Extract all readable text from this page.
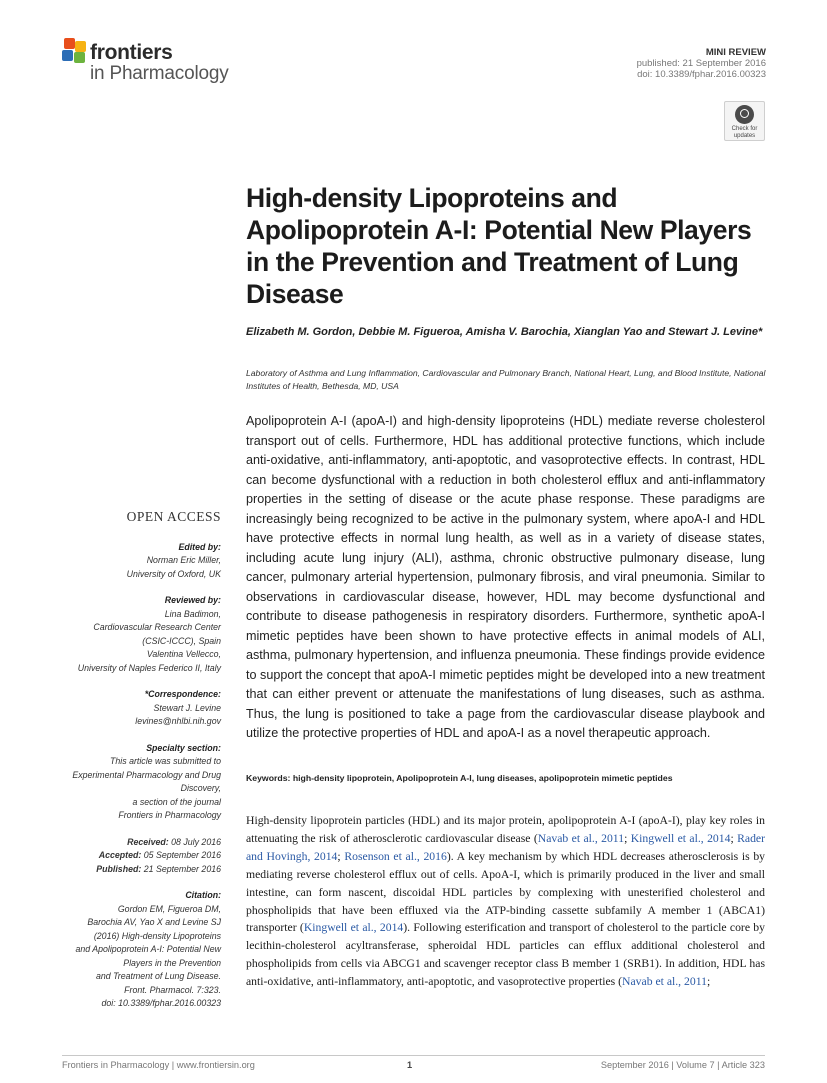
frontiers
in Pharmacology
MINI REVIEW
published: 21 September 2016
doi: 10.3389/fphar.2016.00323
Check for updates
High-density Lipoproteins and Apolipoprotein A-I: Potential New Players in the Prevention and Treatment of Lung Disease
Elizabeth M. Gordon, Debbie M. Figueroa, Amisha V. Barochia, Xianglan Yao and Stewart J. Levine*
Laboratory of Asthma and Lung Inflammation, Cardiovascular and Pulmonary Branch, National Heart, Lung, and Blood Institute, National Institutes of Health, Bethesda, MD, USA
Apolipoprotein A-I (apoA-I) and high-density lipoproteins (HDL) mediate reverse cholesterol transport out of cells. Furthermore, HDL has additional protective functions, which include anti-oxidative, anti-inflammatory, anti-apoptotic, and vasoprotective effects. In contrast, HDL can become dysfunctional with a reduction in both cholesterol efflux and anti-inflammatory properties in the setting of disease or the acute phase response. These paradigms are increasingly being recognized to be active in the pulmonary system, where apoA-I and HDL have protective effects in normal lung health, as well as in a variety of disease states, including acute lung injury (ALI), asthma, chronic obstructive pulmonary disease, lung cancer, pulmonary arterial hypertension, pulmonary fibrosis, and viral pneumonia. Similar to observations in cardiovascular disease, however, HDL may become dysfunctional and contribute to disease pathogenesis in respiratory disorders. Furthermore, synthetic apoA-I mimetic peptides have been shown to have protective effects in animal models of ALI, asthma, pulmonary hypertension, and influenza pneumonia. These findings provide evidence to support the concept that apoA-I mimetic peptides might be developed into a new treatment that can either prevent or attenuate the manifestations of lung diseases, such as asthma. Thus, the lung is positioned to take a page from the cardiovascular disease playbook and utilize the protective properties of HDL and apoA-I as a novel therapeutic approach.
Keywords: high-density lipoprotein, Apolipoprotein A-I, lung diseases, apolipoprotein mimetic peptides
High-density lipoprotein particles (HDL) and its major protein, apolipoprotein A-I (apoA-I), play key roles in attenuating the risk of atherosclerotic cardiovascular disease (Navab et al., 2011; Kingwell et al., 2014; Rader and Hovingh, 2014; Rosenson et al., 2016). A key mechanism by which HDL decreases atherosclerosis is by mediating reverse cholesterol efflux out of cells. ApoA-I, which is primarily produced in the liver and small intestine, can form nascent, discoidal HDL particles by complexing with unesterified cholesterol and phospholipids that have been effluxed via the ATP-binding cassette subfamily A member 1 (ABCA1) transporter (Kingwell et al., 2014). Following esterification and transport of cholesterol to the particle core by lecithin-cholesterol acyltransferase, spheroidal HDL particles can efflux additional cholesterol and phospholipids from cells via ABCG1 and scavenger receptor class B member 1 (SRB1). In addition, HDL has anti-oxidative, anti-inflammatory, anti-apoptotic, and vasoprotective properties (Navab et al., 2011;
OPEN ACCESS
Edited by:
Norman Eric Miller,
University of Oxford, UK
Reviewed by:
Lina Badimon,
Cardiovascular Research Center
(CSIC-ICCC), Spain
Valentina Vellecco,
University of Naples Federico II, Italy
*Correspondence:
Stewart J. Levine
levines@nhlbi.nih.gov
Specialty section:
This article was submitted to
Experimental Pharmacology and Drug
Discovery,
a section of the journal
Frontiers in Pharmacology
Received: 08 July 2016
Accepted: 05 September 2016
Published: 21 September 2016
Citation:
Gordon EM, Figueroa DM,
Barochia AV, Yao X and Levine SJ
(2016) High-density Lipoproteins
and Apolipoprotein A-I: Potential New
Players in the Prevention
and Treatment of Lung Disease.
Front. Pharmacol. 7:323.
doi: 10.3389/fphar.2016.00323
Frontiers in Pharmacology | www.frontiersin.org	1	September 2016 | Volume 7 | Article 323
